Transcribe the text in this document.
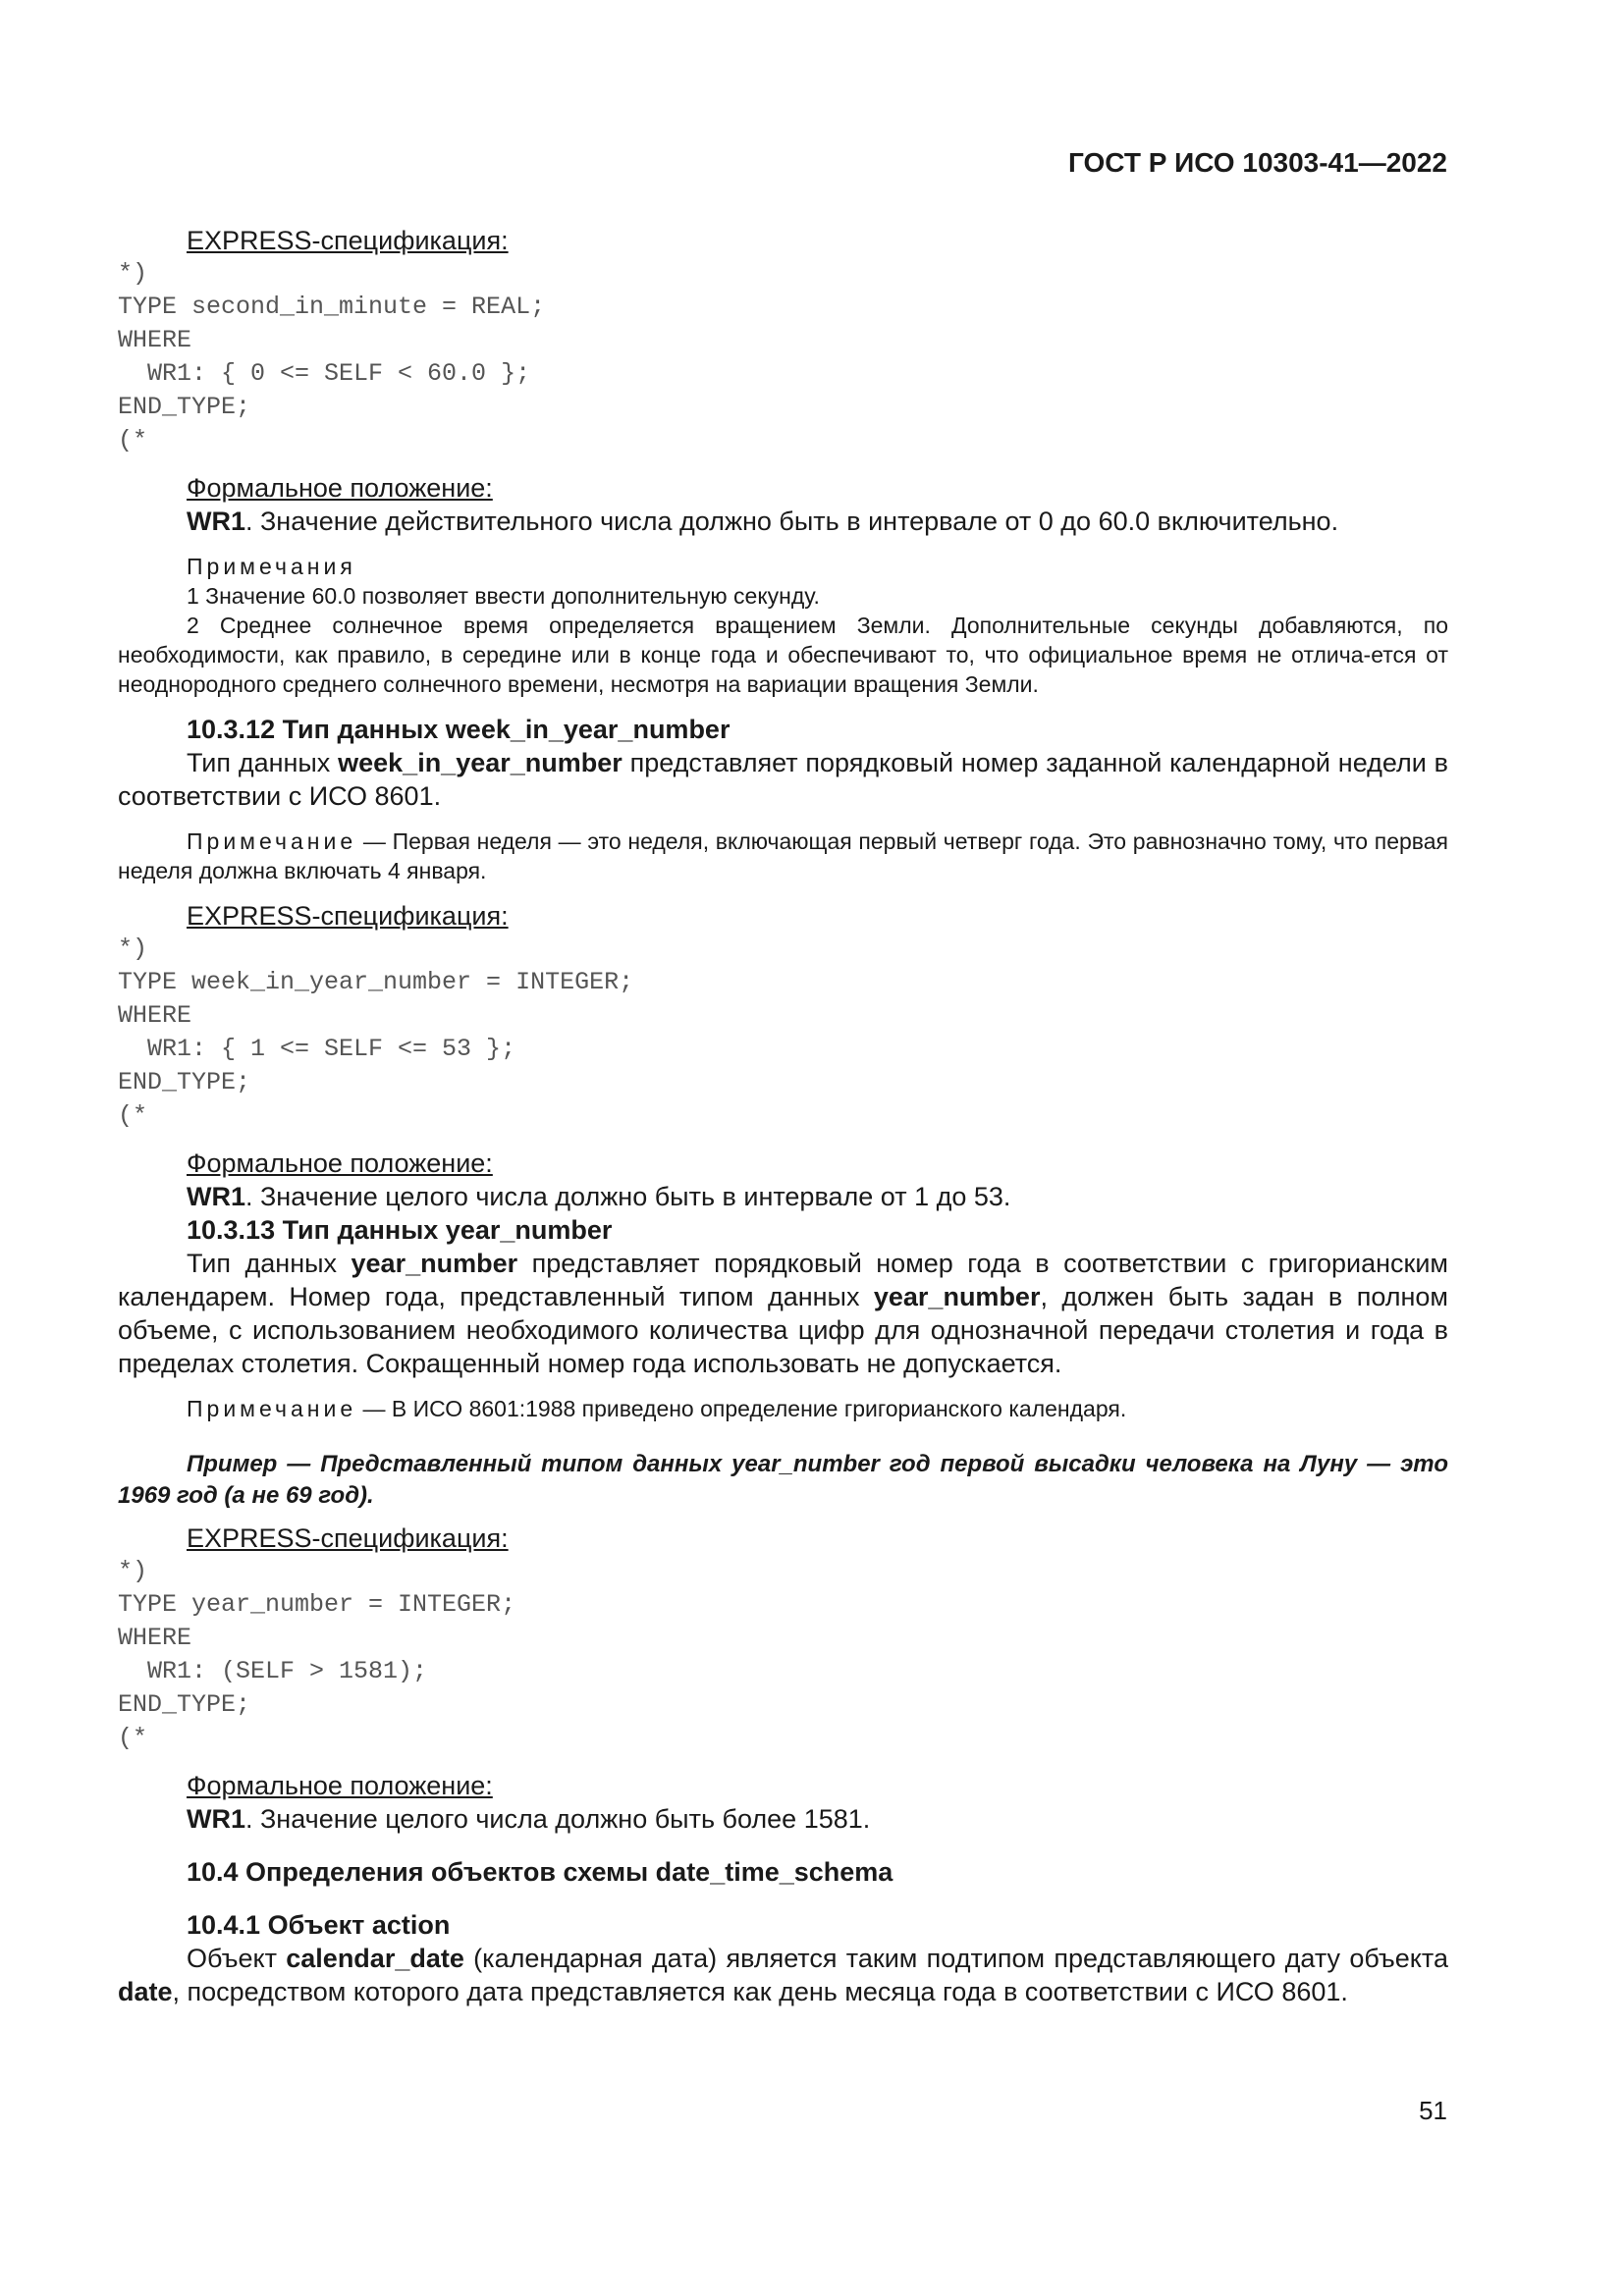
ГОСТ Р ИСО 10303-41—2022

EXPRESS-спецификация:

*)
TYPE second_in_minute = REAL;
WHERE
WR1: { 0 <= SELF < 60.0 };
END_TYPE;
(*

Формальное положение:

WR1. Значение действительного числа должно быть в интервале от 0 до 60.0 включительно.

Примечания

1 Значение 60.0 позволяет ввести дополнительную секунду.

2 Среднее солнечное время определяется вращением Земли. Дополнительные секунды добавляются, по необходимости, как правило, в середине или в конце года и обеспечивают то, что официальное время не отлича-ется от неоднородного среднего солнечного времени, несмотря на вариации вращения Земли.

10.3.12 Тип данных week_in_year_number

Тип данных week_in_year_number представляет порядковый номер заданной календарной недели в соответствии с ИСО 8601.

Примечание — Первая неделя — это неделя, включающая первый четверг года. Это равнозначно тому, что первая неделя должна включать 4 января.

EXPRESS-спецификация:

*)
TYPE week_in_year_number = INTEGER;
WHERE
WR1: { 1 <= SELF <= 53 };
END_TYPE;
(*

Формальное положение:

WR1. Значение целого числа должно быть в интервале от 1 до 53.

10.3.13 Тип данных year_number

Тип данных year_number представляет порядковый номер года в соответствии с григорианским календарем. Номер года, представленный типом данных year_number, должен быть задан в полном объеме, с использованием необходимого количества цифр для однозначной передачи столетия и года в пределах столетия. Сокращенный номер года использовать не допускается.

Примечание — В ИСО 8601:1988 приведено определение григорианского календаря.

Пример — Представленный типом данных year_number год первой высадки человека на Луну — это 1969 год (а не 69 год).

EXPRESS-спецификация:

*)
TYPE year_number = INTEGER;
WHERE
WR1: (SELF > 1581);
END_TYPE;
(*

Формальное положение:

WR1. Значение целого числа должно быть более 1581.

10.4 Определения объектов схемы date_time_schema

10.4.1 Объект action

Объект calendar_date (календарная дата) является таким подтипом представляющего дату объекта date, посредством которого дата представляется как день месяца года в соответствии с ИСО 8601.

51
